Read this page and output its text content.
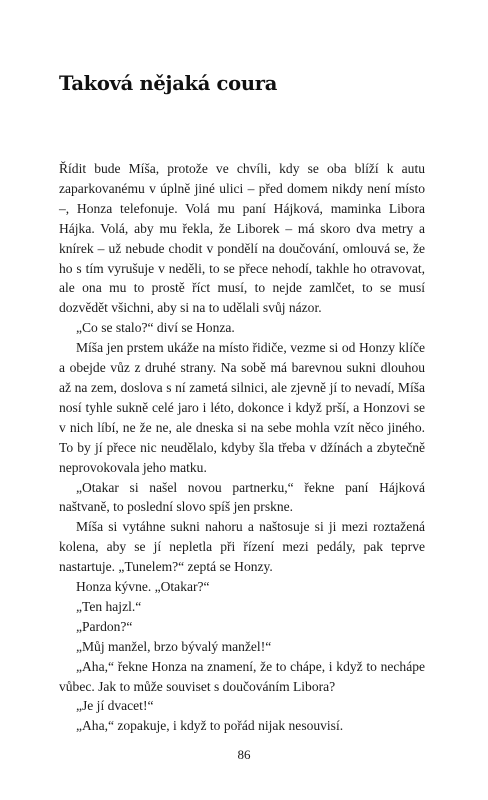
Taková nějaká coura

Řídit bude Míša, protože ve chvíli, kdy se oba blíží k autu zaparkovanému v úplně jiné ulici – před domem nikdy není místo –, Honza telefonuje. Volá mu paní Hájková, maminka Libora Hájka. Volá, aby mu řekla, že Liborek – má skoro dva metry a knírek – už nebude chodit v pondělí na doučování, omlouvá se, že ho s tím vyrušuje v neděli, to se přece nehodí, takhle ho otravovat, ale ona mu to prostě říct musí, to nejde zamlčet, to se musí dozvědět všichni, aby si na to udělali svůj názor.

„Co se stalo?“ diví se Honza.

Míša jen prstem ukáže na místo řidiče, vezme si od Honzy klíče a obejde vůz z druhé strany. Na sobě má barevnou sukni dlouhou až na zem, doslova s ní zametá silnici, ale zjevně jí to nevadí, Míša nosí tyhle sukně celé jaro i léto, dokonce i když prší, a Honzovi se v nich líbí, ne že ne, ale dneska si na sebe mohla vzít něco jiného. To by jí přece nic neudělalo, kdyby šla třeba v džínách a zbytečně neprovokovala jeho matku.

„Otakar si našel novou partnerku,“ řekne paní Hájková naštvaně, to poslední slovo spíš jen prskne.

Míša si vytáhne sukni nahoru a naštosuje si ji mezi roztažená kolena, aby se jí nepletla při řízení mezi pedály, pak teprve nastartuje. „Tunelem?“ zeptá se Honzy.

Honza kývne. „Otakar?“

„Ten hajzl.“

„Pardon?“

„Můj manžel, brzo bývalý manžel!“

„Aha,“ řekne Honza na znamení, že to chápe, i když to nechápe vůbec. Jak to může souviset s doučováním Libora?

„Je jí dvacet!“

„Aha,“ zopakuje, i když to pořád nijak nesouvisí.

86
